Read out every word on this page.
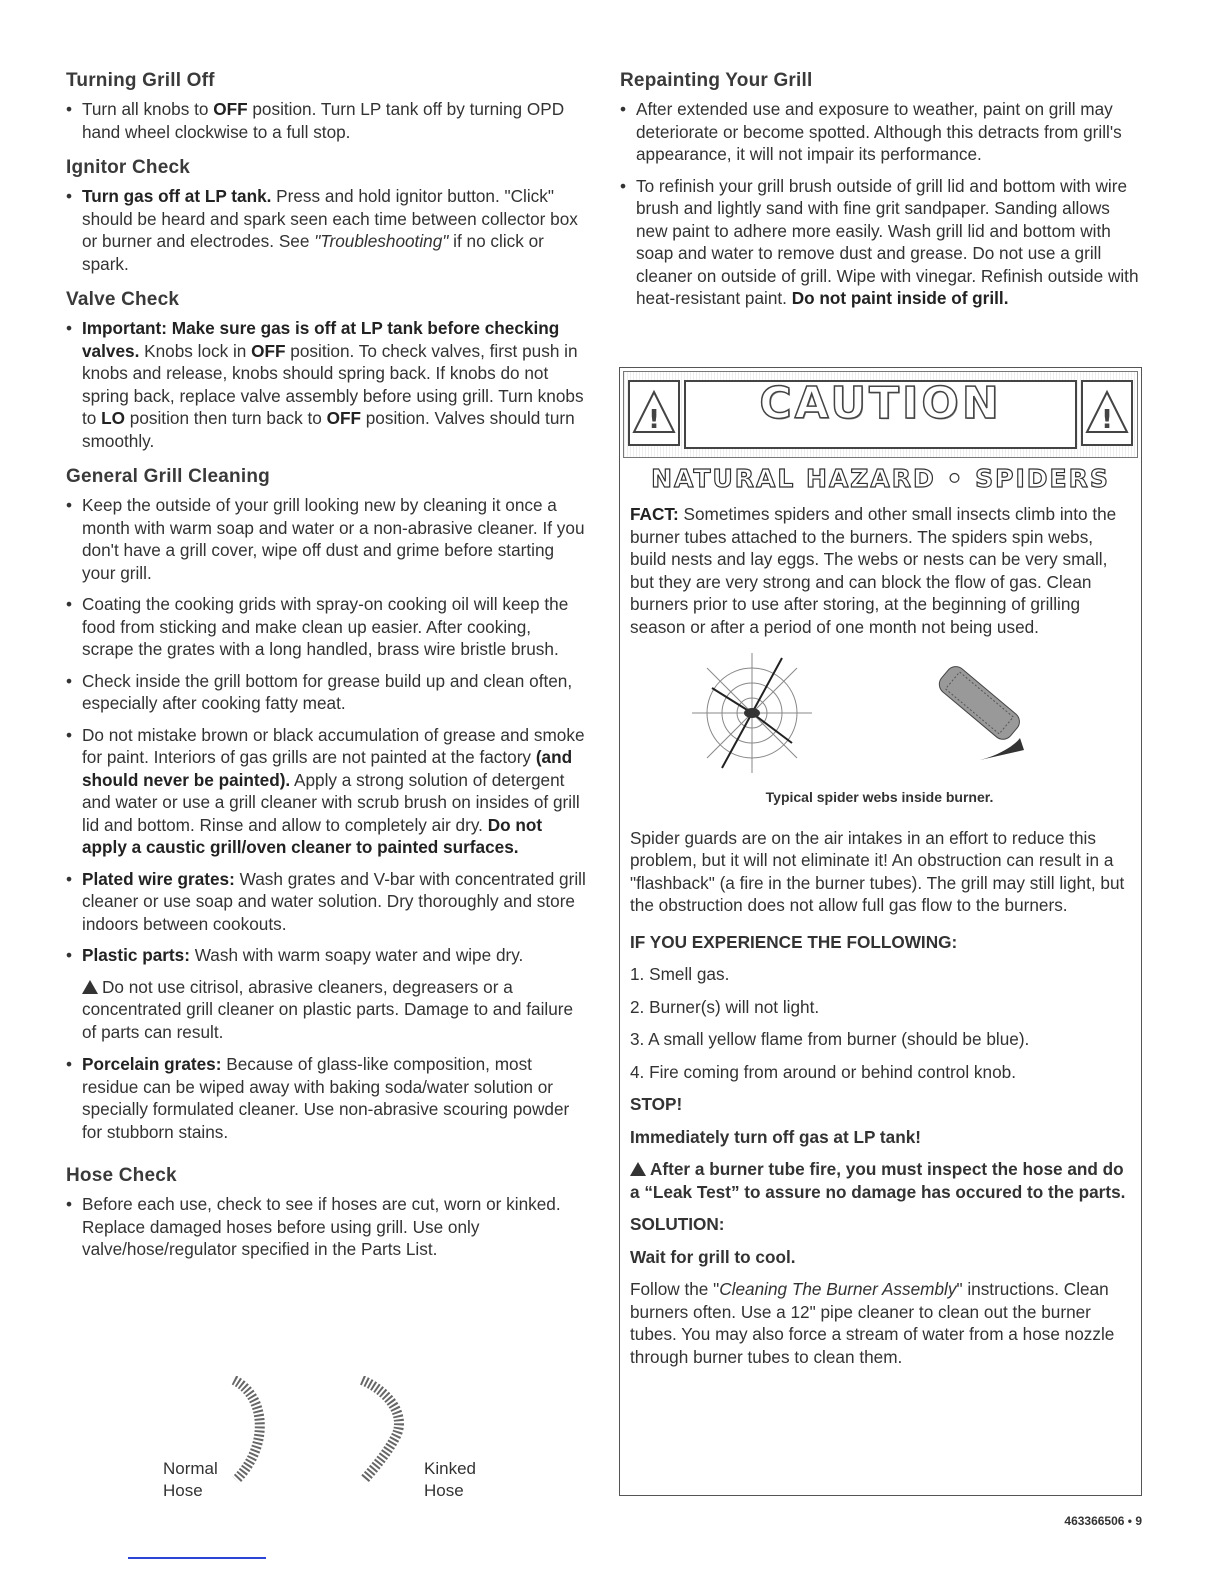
Turning Grill Off
• Turn all knobs to OFF position. Turn LP tank off by turning OPD hand wheel clockwise to a full stop.
Ignitor Check
• Turn gas off at LP tank. Press and hold ignitor button. "Click" should be heard and spark seen each time between collector box or burner and electrodes. See "Troubleshooting" if no click or spark.
Valve Check
• Important: Make sure gas is off at LP tank before checking valves. Knobs lock in OFF position. To check valves, first push in knobs and release, knobs should spring back. If knobs do not spring back, replace valve assembly before using grill. Turn knobs to LO position then turn back to OFF position. Valves should turn smoothly.
General Grill Cleaning
• Keep the outside of your grill looking new by cleaning it once a month with warm soap and water or a non-abrasive cleaner. If you don't have a grill cover, wipe off dust and grime before starting your grill.
• Coating the cooking grids with spray-on cooking oil will keep the food from sticking and make clean up easier. After cooking, scrape the grates with a long handled, brass wire bristle brush.
• Check inside the grill bottom for grease build up and clean often, especially after cooking fatty meat.
• Do not mistake brown or black accumulation of grease and smoke for paint. Interiors of gas grills are not painted at the factory (and should never be painted). Apply a strong solution of detergent and water or use a grill cleaner with scrub brush on insides of grill lid and bottom. Rinse and allow to completely air dry. Do not apply a caustic grill/oven cleaner to painted surfaces.
• Plated wire grates: Wash grates and V-bar with concentrated grill cleaner or use soap and water solution. Dry thoroughly and store indoors between cookouts.
• Plastic parts: Wash with warm soapy water and wipe dry.
Do not use citrisol, abrasive cleaners, degreasers or a concentrated grill cleaner on plastic parts. Damage to and failure of parts can result.
• Porcelain grates: Because of glass-like composition, most residue can be wiped away with baking soda/water solution or specially formulated cleaner. Use non-abrasive scouring powder for stubborn stains.
Hose Check
• Before each use, check to see if hoses are cut, worn or kinked. Replace damaged hoses before using grill. Use only valve/hose/regulator specified in the Parts List.
Normal
Hose
Kinked
Hose
Repainting Your Grill
• After extended use and exposure to weather, paint on grill may deteriorate or become spotted. Although this detracts from grill's appearance, it will not impair its performance.
• To refinish your grill brush outside of grill lid and bottom with wire brush and lightly sand with fine grit sandpaper. Sanding allows new paint to adhere more easily. Wash grill lid and bottom with soap and water to remove dust and grease. Do not use a grill cleaner on outside of grill. Wipe with vinegar. Refinish outside with heat-resistant paint. Do not paint inside of grill.
!	CAUTION	!
NATURAL HAZARD • SPIDERS

FACT: Sometimes spiders and other small insects climb into the burner tubes attached to the burners. The spiders spin webs, build nests and lay eggs. The webs or nests can be very small, but they are very strong and can block the flow of gas. Clean burners prior to use after storing, at the beginning of grilling season or after a period of one month not being used.

Typical spider webs inside burner.

Spider guards are on the air intakes in an effort to reduce this problem, but it will not eliminate it! An obstruction can result in a "flashback" (a fire in the burner tubes). The grill may still light, but the obstruction does not allow full gas flow to the burners.

IF YOU EXPERIENCE THE FOLLOWING:

1. Smell gas.

2. Burner(s) will not light.

3. A small yellow flame from burner (should be blue).

4. Fire coming from around or behind control knob.

STOP!

Immediately turn off gas at LP tank!

After a burner tube fire, you must inspect the hose and do a “Leak Test” to assure no damage has occured to the parts.

SOLUTION:

Wait for grill to cool.

Follow the "Cleaning The Burner Assembly" instructions. Clean burners often. Use a 12" pipe cleaner to clean out the burner tubes. You may also force a stream of water from a hose nozzle through burner tubes to clean them.

463366506 • 9
